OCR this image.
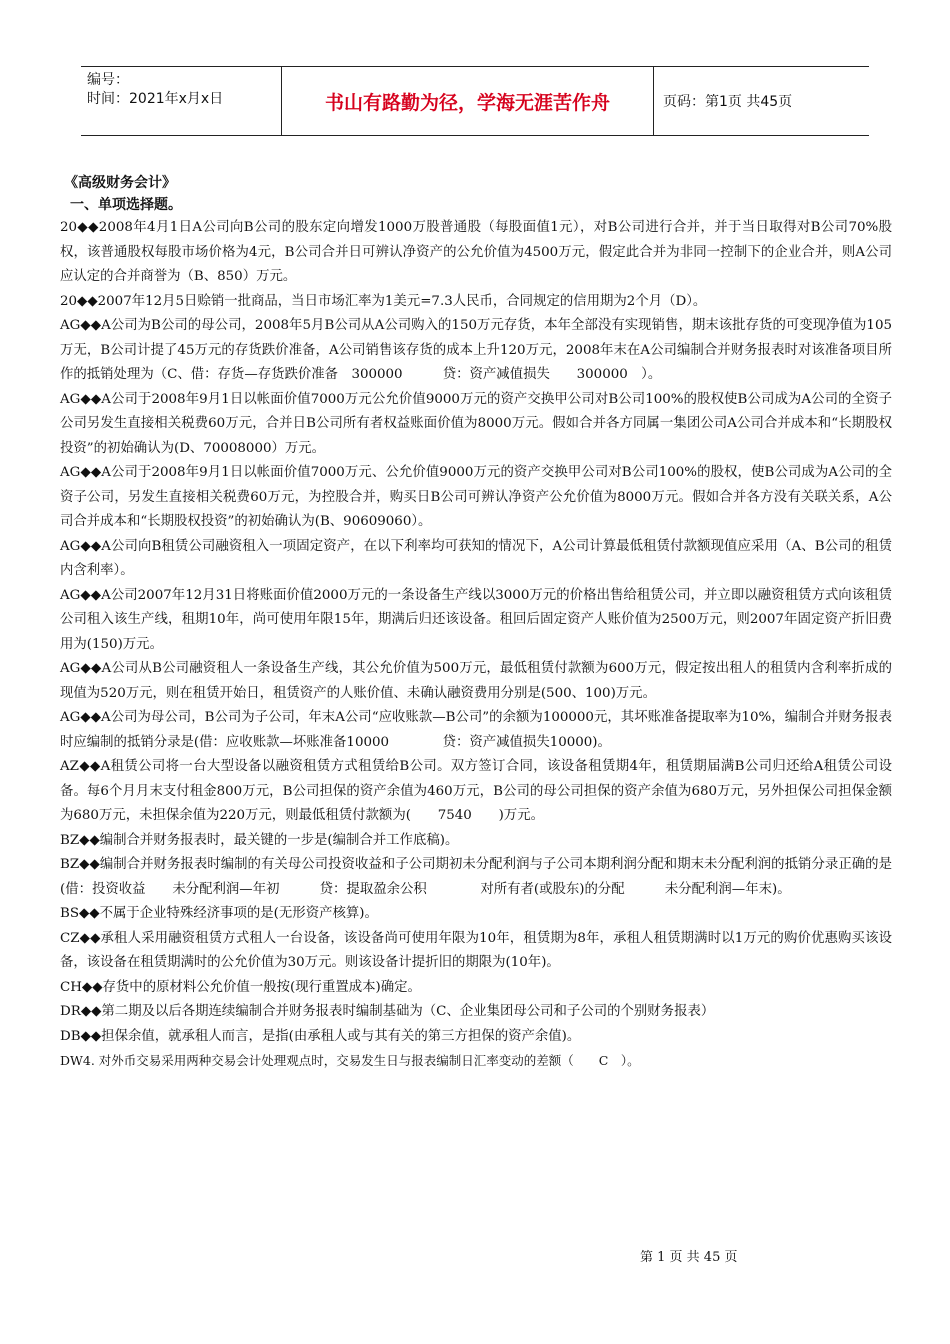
编号：
时间：2021年x月x日	书山有路勤为径，学海无涯苦作舟	页码：第1页 共45页
《高级财务会计》
一、单项选择题。

20◆◆2008年4月1日A公司向B公司的股东定向增发1000万股普通股（每股面值1元），对B公司进行合并，并于当日取得对B公司70%股权，该普通股权每股市场价格为4元，B公司合并日可辨认净资产的公允价值为4500万元，假定此合并为非同一控制下的企业合并，则A公司应认定的合并商誉为（B、850）万元。

20◆◆2007年12月5日赊销一批商品，当日市场汇率为1美元=7.3人民币，合同规定的信用期为2个月（D）。

AG◆◆A公司为B公司的母公司，2008年5月B公司从A公司购入的150万元存货，本年全部没有实现销售，期末该批存货的可变现净值为105万无，B公司计提了45万元的存货跌价准备，A公司销售该存货的成本上升120万元，2008年末在A公司编制合并财务报表时对该准备项目所作的抵销处理为（C、借：存货—存货跌价准备　300000　　　贷：资产减值损失　　300000　）。

AG◆◆A公司于2008年9月1日以帐面价值7000万元公允价值9000万元的资产交换甲公司对B公司100%的股权使B公司成为A公司的全资子公司另发生直接相关税费60万元，合并日B公司所有者权益账面价值为8000万元。假如合并各方同属一集团公司A公司合并成本和“长期股权投资”的初始确认为(D、70008000）万元。

AG◆◆A公司于2008年9月1日以帐面价值7000万元、公允价值9000万元的资产交换甲公司对B公司100%的股权，使B公司成为A公司的全资子公司，另发生直接相关税费60万元，为控股合并，购买日B公司可辨认净资产公允价值为8000万元。假如合并各方没有关联关系，A公司合并成本和“长期股权投资”的初始确认为(B、90609060）。

AG◆◆A公司向B租赁公司融资租入一项固定资产，在以下利率均可获知的情况下，A公司计算最低租赁付款额现值应采用（A、B公司的租赁内含利率）。

AG◆◆A公司2007年12月31日将账面价值2000万元的一条设备生产线以3000万元的价格出售给租赁公司，并立即以融资租赁方式向该租赁公司租入该生产线，租期10年，尚可使用年限15年，期满后归还该设备。租回后固定资产人账价值为2500万元，则2007年固定资产折旧费用为(150)万元。

AG◆◆A公司从B公司融资租人一条设备生产线，其公允价值为500万元，最低租赁付款额为600万元，假定按出租人的租赁内含利率折成的现值为520万元，则在租赁开始日，租赁资产的人账价值、未确认融资费用分别是(500、100)万元。

AG◆◆A公司为母公司，B公司为子公司，年末A公司“应收账款—B公司”的余额为100000元，其坏账准备提取率为10%，编制合并财务报表时应编制的抵销分录是(借：应收账款—坏账准备10000　　　　贷：资产减值损失10000)。

AZ◆◆A租赁公司将一台大型设备以融资租赁方式租赁给B公司。双方签订合同，该设备租赁期4年，租赁期届满B公司归还给A租赁公司设备。每6个月月末支付租金800万元，B公司担保的资产余值为460万元，B公司的母公司担保的资产余值为680万元，另外担保公司担保金额为680万元，未担保余值为220万元，则最低租赁付款额为(　　7540　　)万元。

BZ◆◆编制合并财务报表时，最关键的一步是(编制合并工作底稿)。

BZ◆◆编制合并财务报表时编制的有关母公司投资收益和子公司期初未分配利润与子公司本期利润分配和期末未分配利润的抵销分录正确的是(借：投资收益　　未分配利润—年初　　　贷：提取盈余公积　　　　对所有者(或股东)的分配　　　未分配利润—年末)。

BS◆◆不属于企业特殊经济事项的是(无形资产核算)。

CZ◆◆承租人采用融资租赁方式租人一台设备，该设备尚可使用年限为10年，租赁期为8年，承租人租赁期满时以1万元的购价优惠购买该设备，该设备在租赁期满时的公允价值为30万元。则该设备计提折旧的期限为(10年)。

CH◆◆存货中的原材料公允价值一般按(现行重置成本)确定。

DR◆◆第二期及以后各期连续编制合并财务报表时编制基础为（C、企业集团母公司和子公司的个别财务报表）

DB◆◆担保余值，就承租人而言，是指(由承租人或与其有关的第三方担保的资产余值)。

DW4. 对外币交易采用两种交易会计处理观点时，交易发生日与报表编制日汇率变动的差额（　　C　）。

第 1 页 共 45 页
